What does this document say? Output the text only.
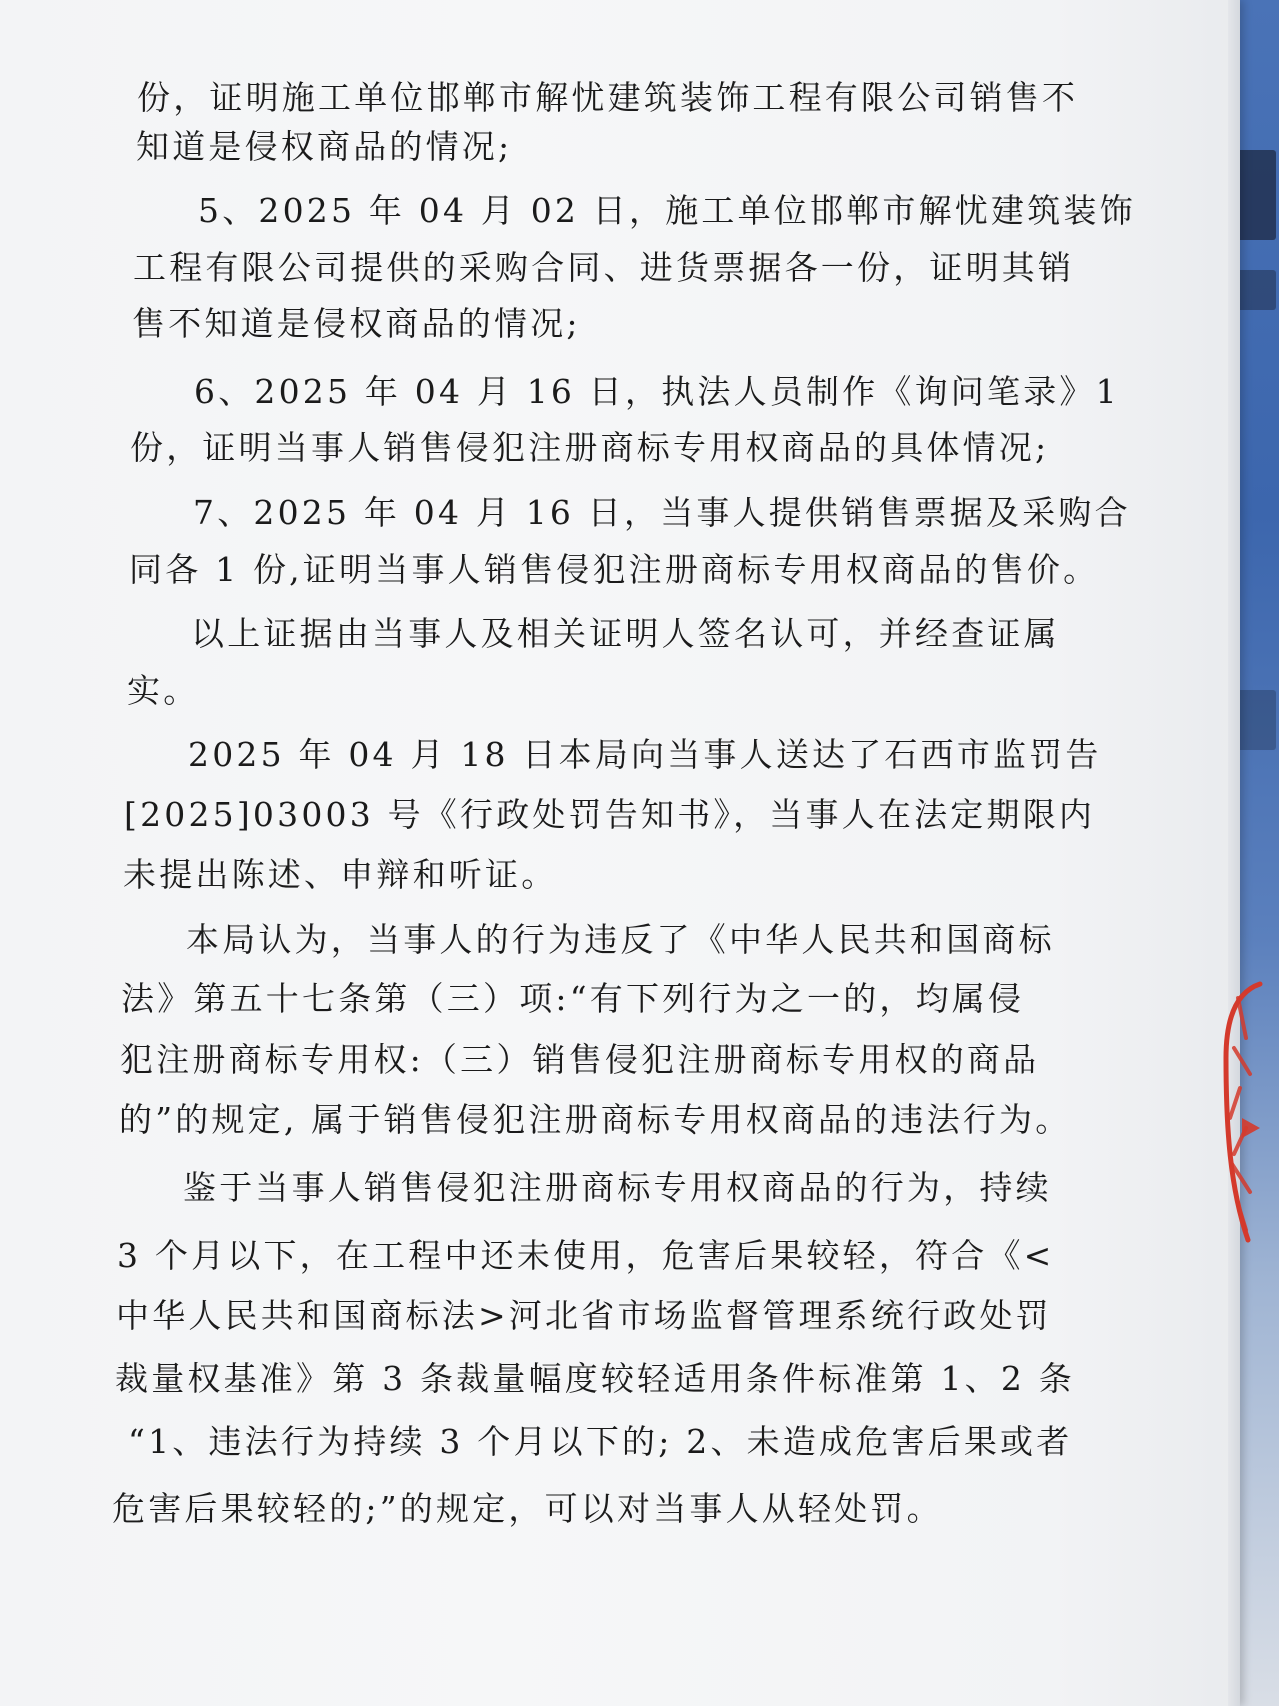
份，证明施工单位邯郸市解忧建筑装饰工程有限公司销售不
知道是侵权商品的情况;
5、2025 年 04 月 02 日，施工单位邯郸市解忧建筑装饰
工程有限公司提供的采购合同、进货票据各一份，证明其销
售不知道是侵权商品的情况;
6、2025 年 04 月 16 日，执法人员制作《询问笔录》1
份，证明当事人销售侵犯注册商标专用权商品的具体情况;
7、2025 年 04 月 16 日，当事人提供销售票据及采购合
同各 1 份,证明当事人销售侵犯注册商标专用权商品的售价。
以上证据由当事人及相关证明人签名认可，并经查证属
实。
2025 年 04 月 18 日本局向当事人送达了石西市监罚告
[2025]03003 号《行政处罚告知书》，当事人在法定期限内
未提出陈述、申辩和听证。
本局认为，当事人的行为违反了《中华人民共和国商标
法》第五十七条第（三）项:“有下列行为之一的，均属侵
犯注册商标专用权:（三）销售侵犯注册商标专用权的商品
的”的规定, 属于销售侵犯注册商标专用权商品的违法行为。
鉴于当事人销售侵犯注册商标专用权商品的行为，持续
3 个月以下，在工程中还未使用，危害后果较轻，符合《<
中华人民共和国商标法>河北省市场监督管理系统行政处罚
裁量权基准》第 3 条裁量幅度较轻适用条件标准第 1、2 条
“1、违法行为持续 3 个月以下的; 2、未造成危害后果或者
危害后果较轻的;”的规定，可以对当事人从轻处罚。
